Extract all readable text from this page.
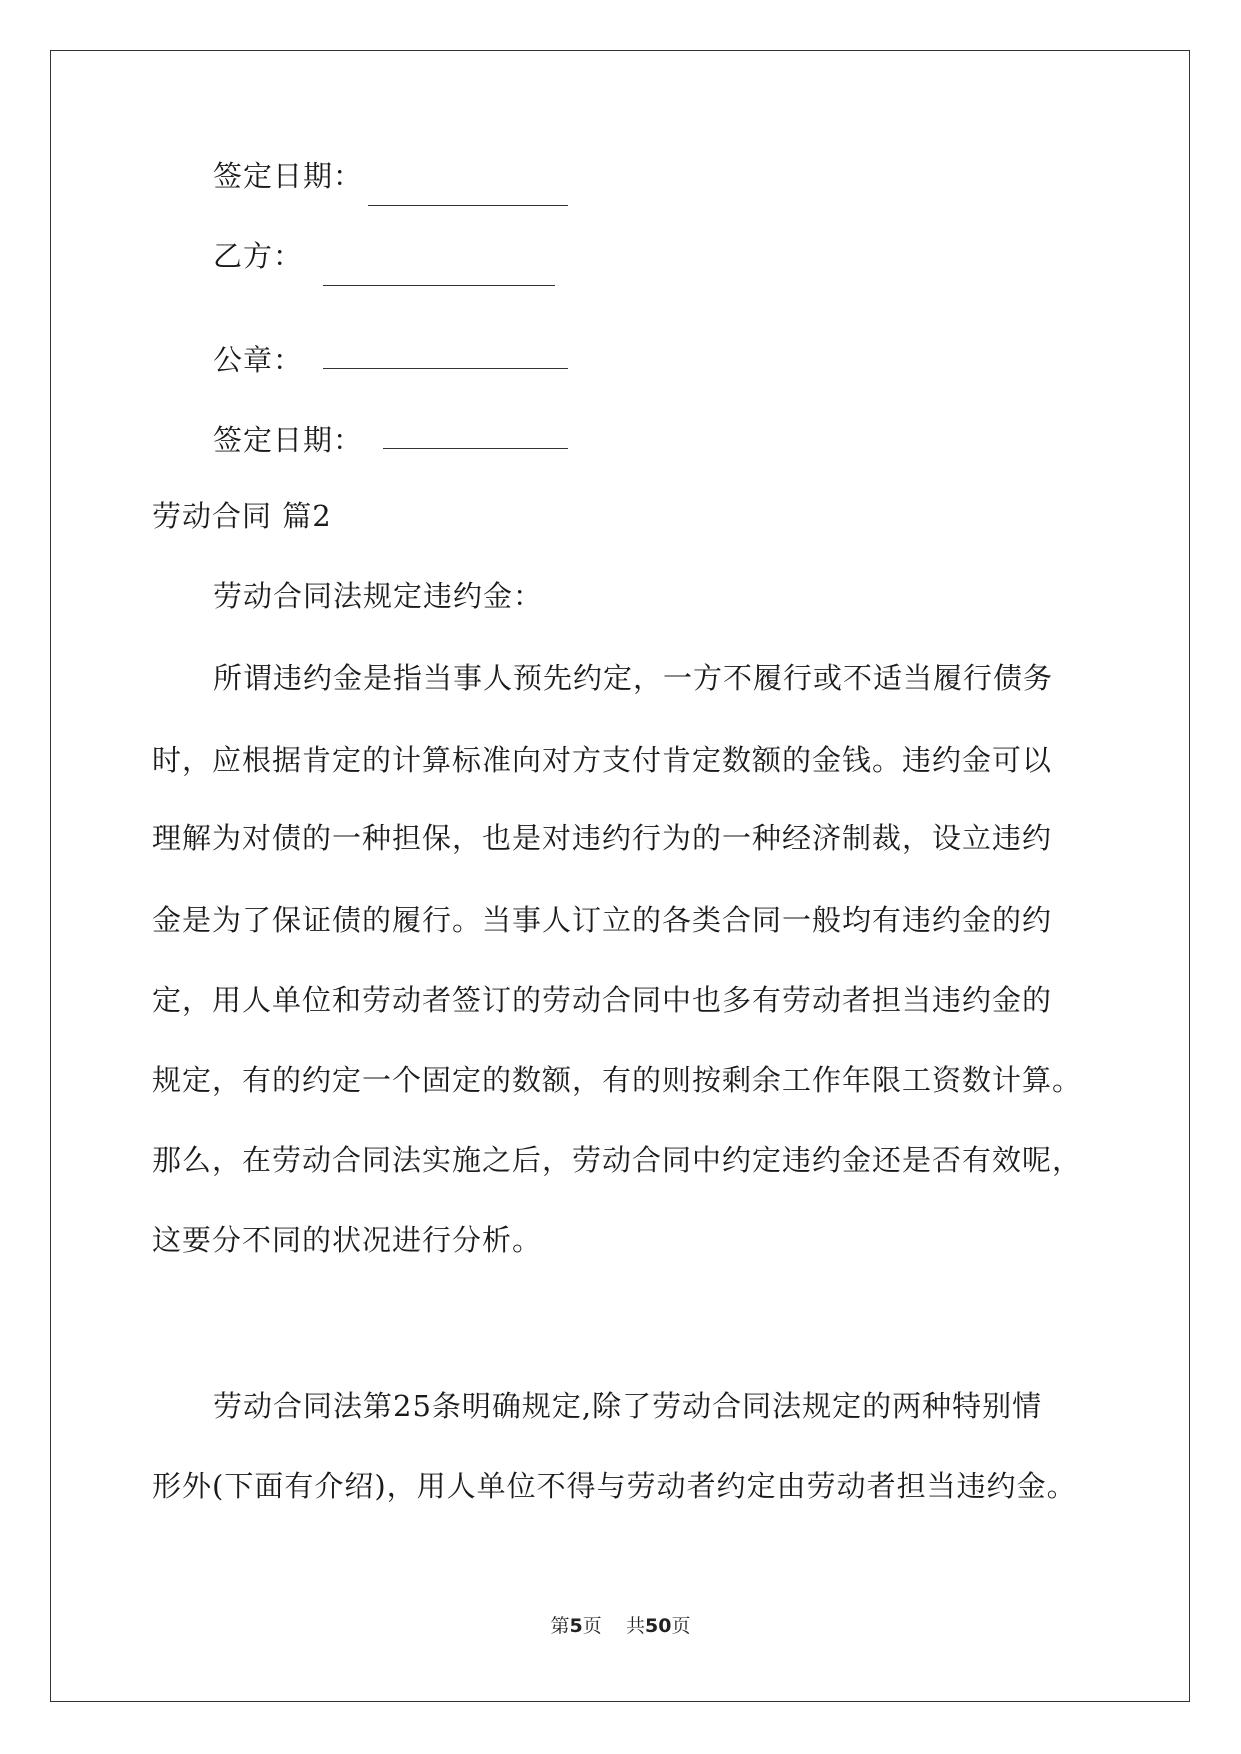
签定日期：
乙方：
公章：
签定日期：
劳动合同 篇2
劳动合同法规定违约金：
所谓违约金是指当事人预先约定，一方不履行或不适当履行债务
时，应根据肯定的计算标准向对方支付肯定数额的金钱。违约金可以
理解为对债的一种担保，也是对违约行为的一种经济制裁，设立违约
金是为了保证债的履行。当事人订立的各类合同一般均有违约金的约
定，用人单位和劳动者签订的劳动合同中也多有劳动者担当违约金的
规定，有的约定一个固定的数额，有的则按剩余工作年限工资数计算。
那么，在劳动合同法实施之后，劳动合同中约定违约金还是否有效呢，
这要分不同的状况进行分析。
劳动合同法第25条明确规定,除了劳动合同法规定的两种特别情
形外(下面有介绍)，用人单位不得与劳动者约定由劳动者担当违约金。
第5页 共50页
